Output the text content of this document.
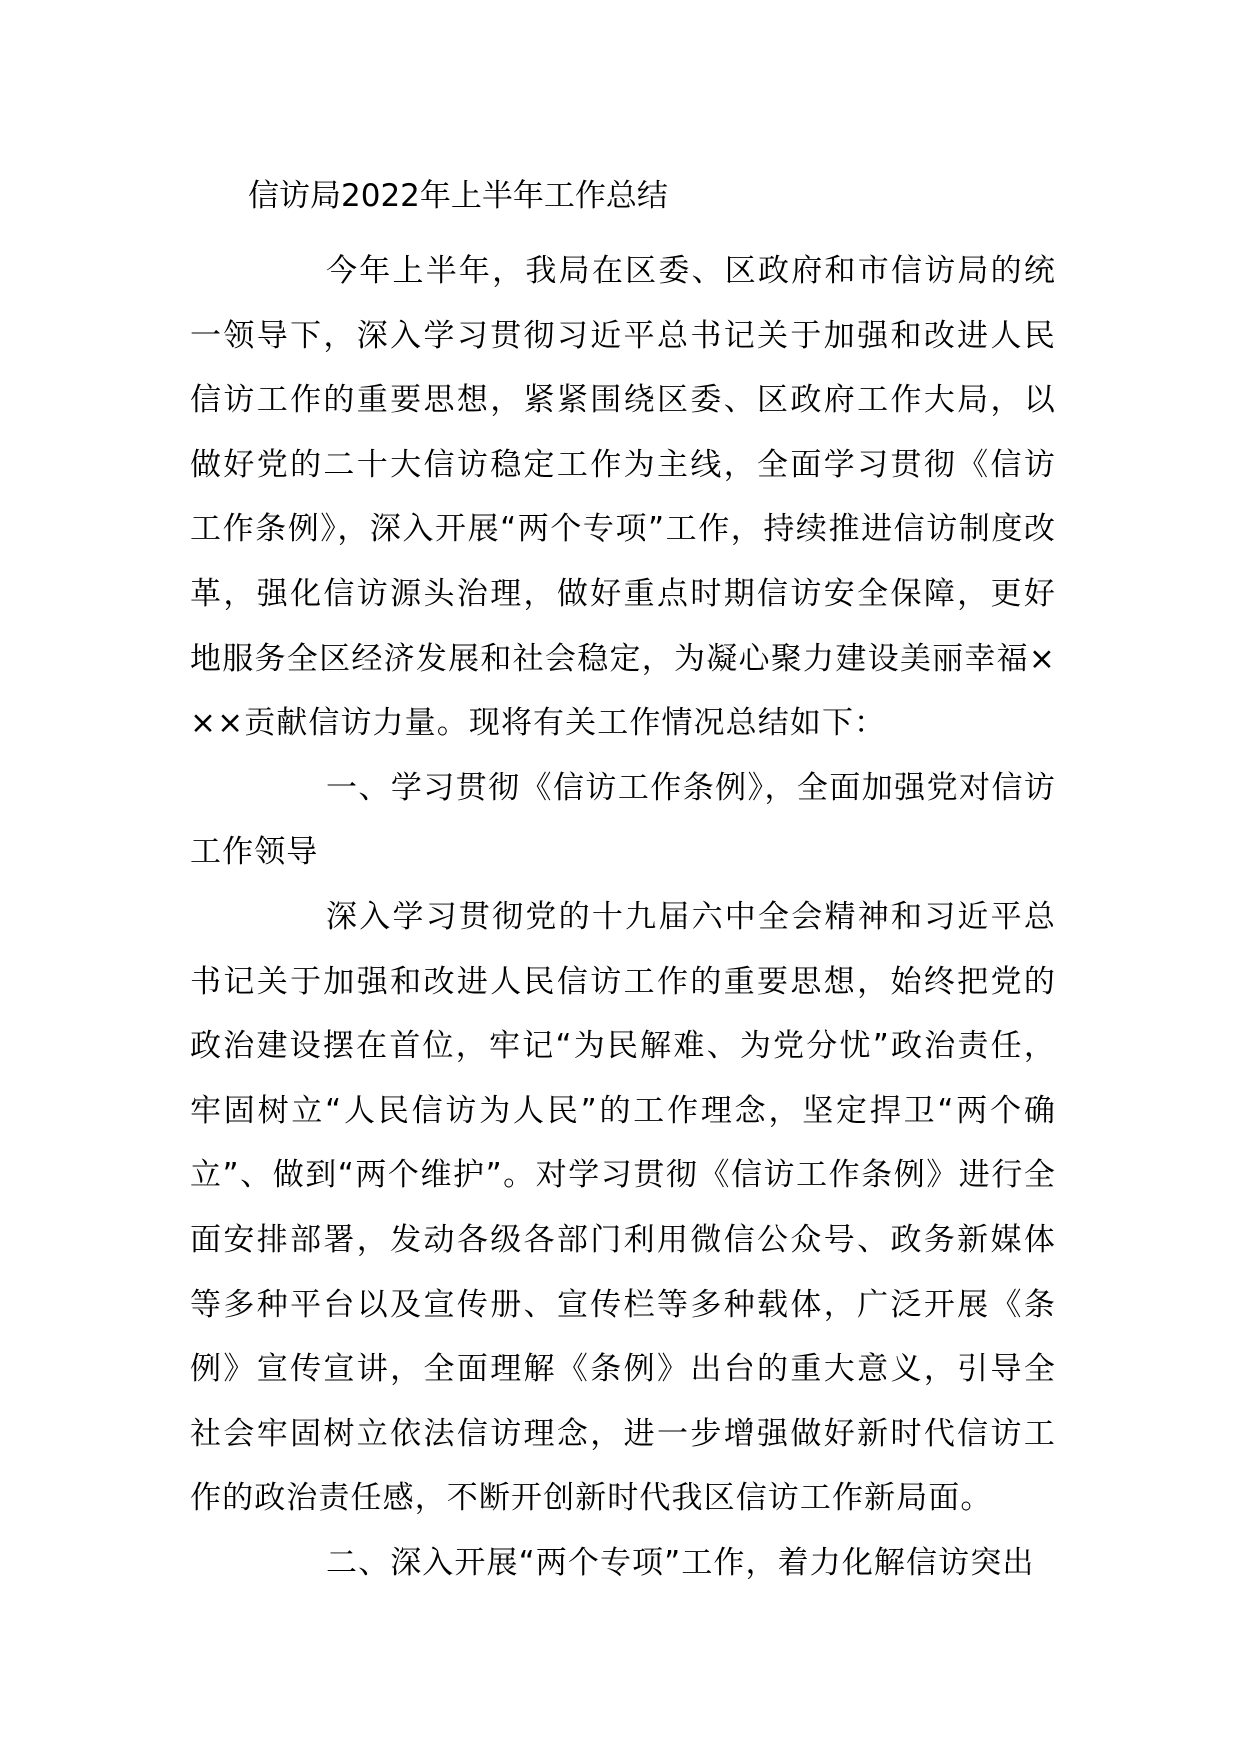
信访局2022年上半年工作总结

今年上半年，我局在区委、区政府和市信访局的统一领导下，深入学习贯彻习近平总书记关于加强和改进人民信访工作的重要思想，紧紧围绕区委、区政府工作大局，以做好党的二十大信访稳定工作为主线，全面学习贯彻《信访工作条例》，深入开展“两个专项”工作，持续推进信访制度改革，强化信访源头治理，做好重点时期信访安全保障，更好地服务全区经济发展和社会稳定，为凝心聚力建设美丽幸福×××贡献信访力量。现将有关工作情况总结如下：

一、学习贯彻《信访工作条例》，全面加强党对信访工作领导

深入学习贯彻党的十九届六中全会精神和习近平总书记关于加强和改进人民信访工作的重要思想，始终把党的政治建设摆在首位，牢记“为民解难、为党分忧”政治责任，牢固树立“人民信访为人民”的工作理念，坚定捍卫“两个确立”、做到“两个维护”。对学习贯彻《信访工作条例》进行全面安排部署，发动各级各部门利用微信公众号、政务新媒体等多种平台以及宣传册、宣传栏等多种载体，广泛开展《条例》宣传宣讲，全面理解《条例》出台的重大意义，引导全社会牢固树立依法信访理念，进一步增强做好新时代信访工作的政治责任感，不断开创新时代我区信访工作新局面。

二、深入开展“两个专项”工作，着力化解信访突出
